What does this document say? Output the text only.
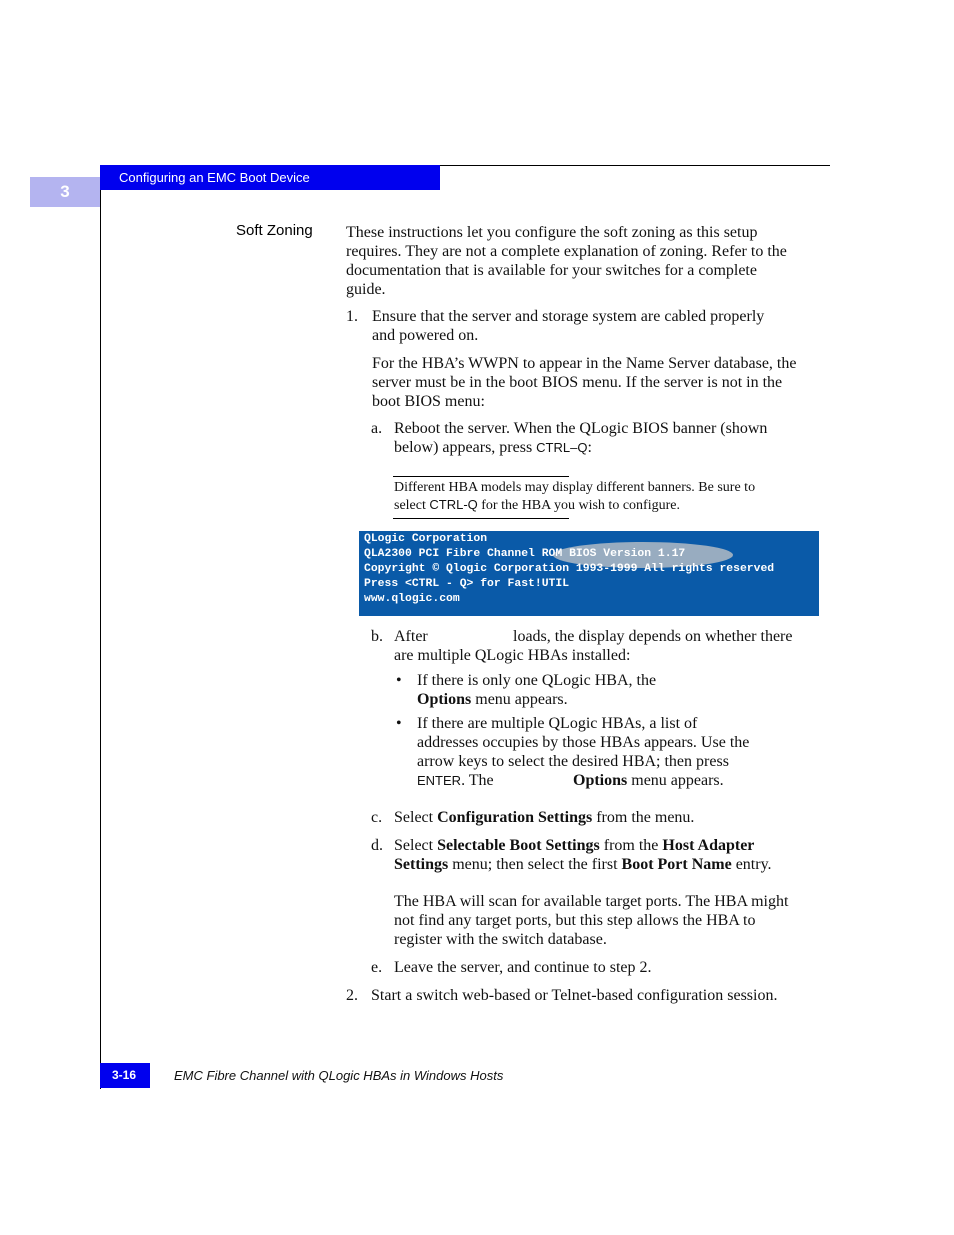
Configuring an EMC Boot Device
3
Soft Zoning These instructions let you configure the soft zoning as this setup
requires. They are not a complete explanation of zoning. Refer to the
documentation that is available for your switches for a complete
guide.
1. Ensure that the server and storage system are cabled properly
and powered on.
For the HBA’s WWPN to appear in the Name Server database, the
server must be in the boot BIOS menu. If the server is not in the
boot BIOS menu:
a. Reboot the server. When the QLogic BIOS banner (shown
below) appears, press CTRL–Q:
Different HBA models may display different banners. Be sure to
select CTRL-Q for the HBA you wish to configure.
QLogic Corporation
QLA2300 PCI Fibre Channel ROM BIOS Version 1.17
Copyright © Qlogic Corporation 1993-1999 All rights reserved
Press <CTRL - Q> for Fast!UTIL
www.qlogic.com
b. After	loads, the display depends on whether there
are multiple QLogic HBAs installed:
• If there is only one QLogic HBA, the
Options menu appears.
• If there are multiple QLogic HBAs, a list of
addresses occupies by those HBAs appears. Use the
arrow keys to select the desired HBA; then press
ENTER. The	Options menu appears.
c. Select Configuration Settings from the menu.
d. Select Selectable Boot Settings from the Host Adapter
Settings menu; then select the first Boot Port Name entry.
The HBA will scan for available target ports. The HBA might
not find any target ports, but this step allows the HBA to
register with the switch database.
e. Leave the server, and continue to step 2.
2. Start a switch web-based or Telnet-based configuration session.
3-16	EMC Fibre Channel with QLogic HBAs in Windows Hosts
